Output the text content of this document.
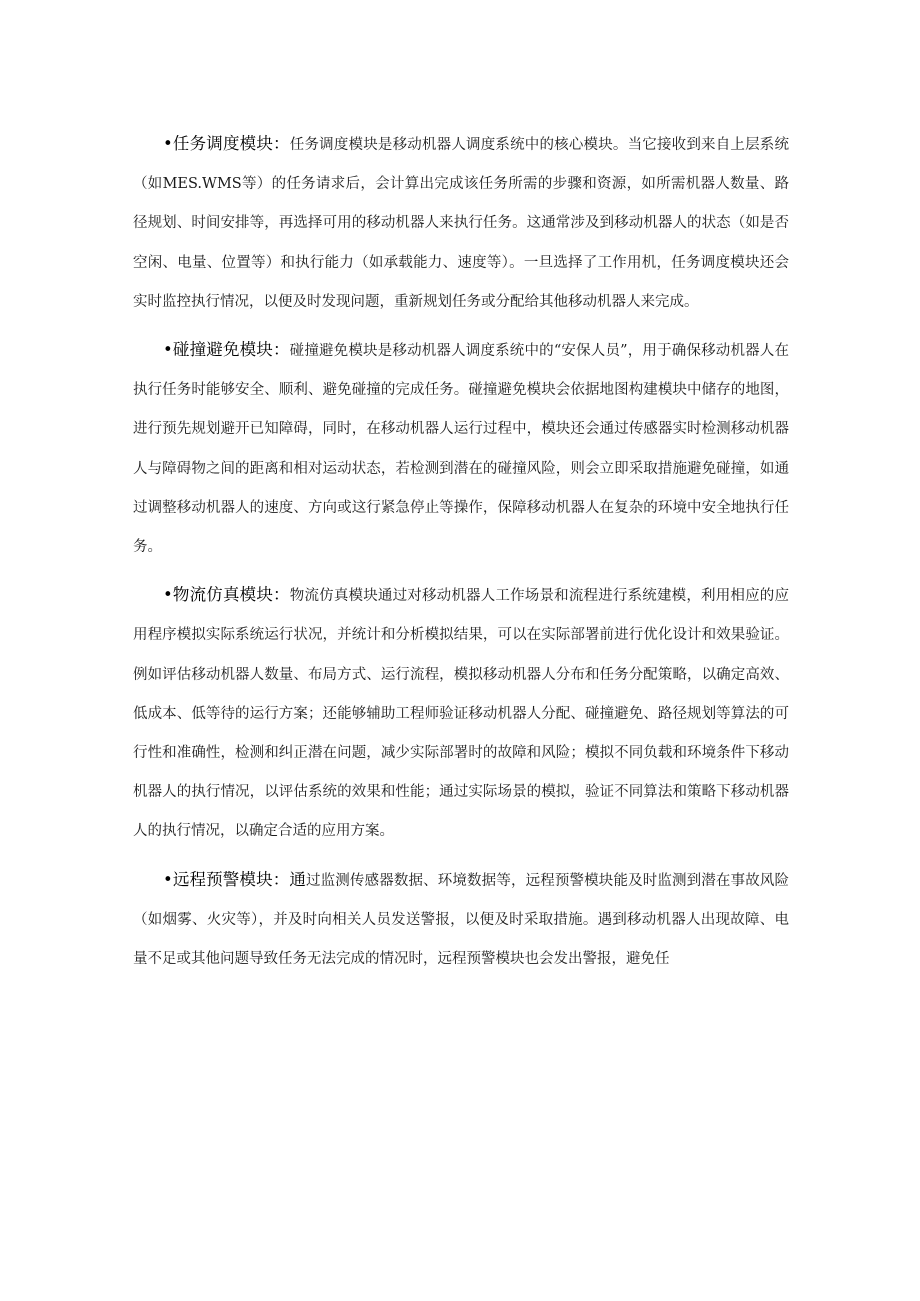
•任务调度模块：任务调度模块是移动机器人调度系统中的核心模块。当它接收到来自上层系统（如MES.WMS等）的任务请求后，会计算出完成该任务所需的步骤和资源，如所需机器人数量、路径规划、时间安排等，再选择可用的移动机器人来执行任务。这通常涉及到移动机器人的状态（如是否空闲、电量、位置等）和执行能力（如承载能力、速度等）。一旦选择了工作用机，任务调度模块还会实时监控执行情况，以便及时发现问题，重新规划任务或分配给其他移动机器人来完成。

•碰撞避免模块：碰撞避免模块是移动机器人调度系统中的“安保人员”，用于确保移动机器人在执行任务时能够安全、顺利、避免碰撞的完成任务。碰撞避免模块会依据地图构建模块中储存的地图，进行预先规划避开已知障碍，同时，在移动机器人运行过程中，模块还会通过传感器实时检测移动机器人与障碍物之间的距离和相对运动状态，若检测到潜在的碰撞风险，则会立即采取措施避免碰撞，如通过调整移动机器人的速度、方向或这行紧急停止等操作，保障移动机器人在复杂的环境中安全地执行任务。

•物流仿真模块：物流仿真模块通过对移动机器人工作场景和流程进行系统建模，利用相应的应用程序模拟实际系统运行状况，并统计和分析模拟结果，可以在实际部署前进行优化设计和效果验证。例如评估移动机器人数量、布局方式、运行流程，模拟移动机器人分布和任务分配策略，以确定高效、低成本、低等待的运行方案；还能够辅助工程师验证移动机器人分配、碰撞避免、路径规划等算法的可行性和准确性，检测和纠正潜在问题，减少实际部署时的故障和风险；模拟不同负载和环境条件下移动机器人的执行情况，以评估系统的效果和性能；通过实际场景的模拟，验证不同算法和策略下移动机器人的执行情况，以确定合适的应用方案。

•远程预警模块：通过监测传感器数据、环境数据等，远程预警模块能及时监测到潜在事故风险（如烟雾、火灾等），并及时向相关人员发送警报，以便及时采取措施。遇到移动机器人出现故障、电量不足或其他问题导致任务无法完成的情况时，远程预警模块也会发出警报，避免任
